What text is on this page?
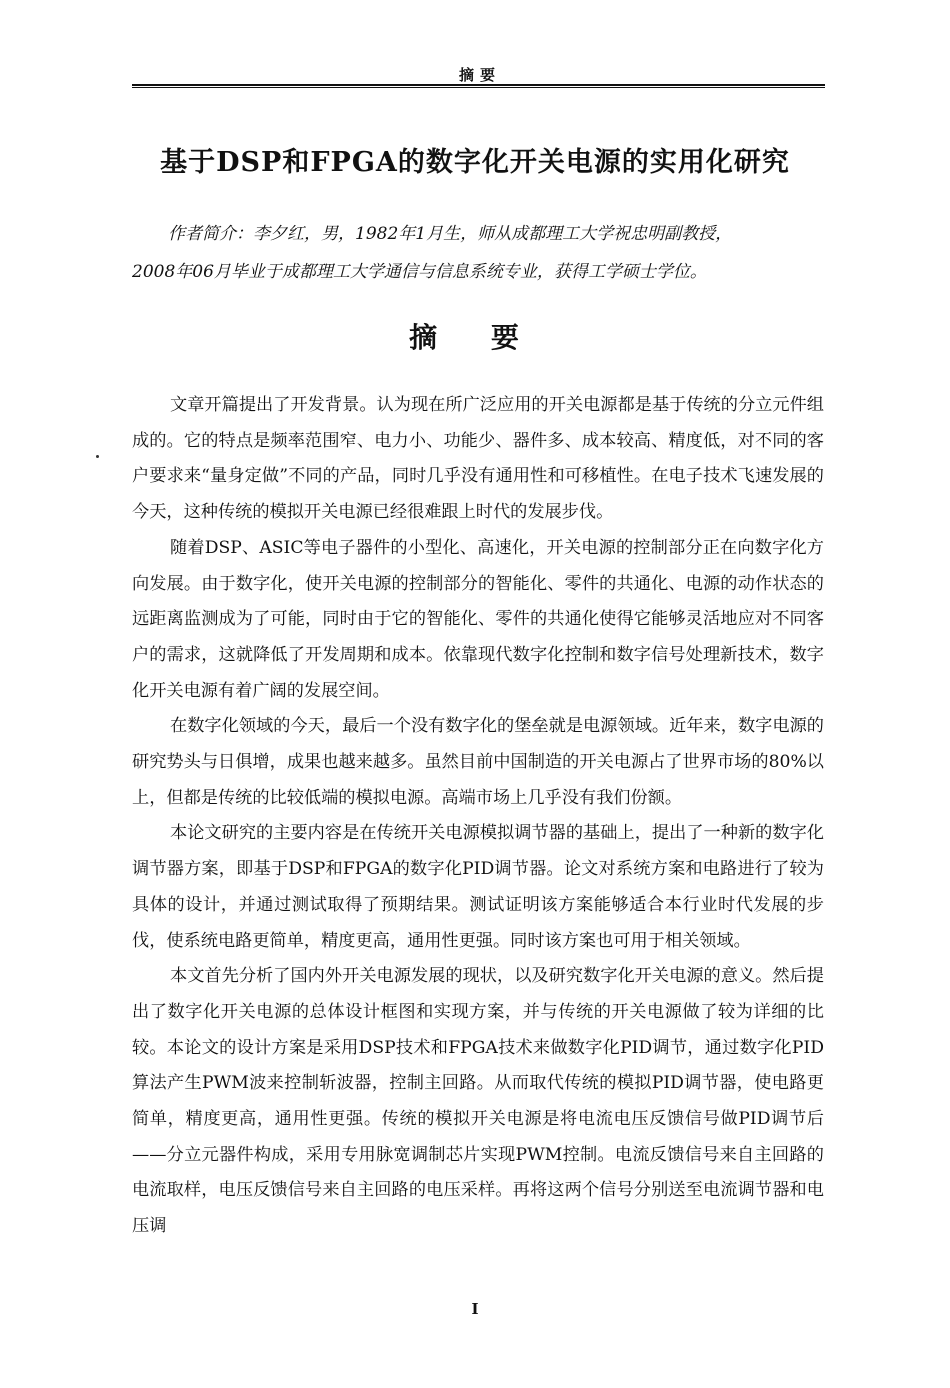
摘要
基于DSP和FPGA的数字化开关电源的实用化研究

作者简介：李夕红，男，1982年1月生，师从成都理工大学祝忠明副教授，

2008年06月毕业于成都理工大学通信与信息系统专业，获得工学硕士学位。

摘 要

文章开篇提出了开发背景。认为现在所广泛应用的开关电源都是基于传统的分立元件组成的。它的特点是频率范围窄、电力小、功能少、器件多、成本较高、精度低，对不同的客户要求来“量身定做”不同的产品，同时几乎没有通用性和可移植性。在电子技术飞速发展的今天，这种传统的模拟开关电源已经很难跟上时代的发展步伐。

随着DSP、ASIC等电子器件的小型化、高速化，开关电源的控制部分正在向数字化方向发展。由于数字化，使开关电源的控制部分的智能化、零件的共通化、电源的动作状态的远距离监测成为了可能，同时由于它的智能化、零件的共通化使得它能够灵活地应对不同客户的需求，这就降低了开发周期和成本。依靠现代数字化控制和数字信号处理新技术，数字化开关电源有着广阔的发展空间。

在数字化领域的今天，最后一个没有数字化的堡垒就是电源领域。近年来，数字电源的研究势头与日俱增，成果也越来越多。虽然目前中国制造的开关电源占了世界市场的80%以上，但都是传统的比较低端的模拟电源。高端市场上几乎没有我们份额。

本论文研究的主要内容是在传统开关电源模拟调节器的基础上，提出了一种新的数字化调节器方案，即基于DSP和FPGA的数字化PID调节器。论文对系统方案和电路进行了较为具体的设计，并通过测试取得了预期结果。测试证明该方案能够适合本行业时代发展的步伐，使系统电路更简单，精度更高，通用性更强。同时该方案也可用于相关领域。

本文首先分析了国内外开关电源发展的现状，以及研究数字化开关电源的意义。然后提出了数字化开关电源的总体设计框图和实现方案，并与传统的开关电源做了较为详细的比较。本论文的设计方案是采用DSP技术和FPGA技术来做数字化PID调节，通过数字化PID算法产生PWM波来控制斩波器，控制主回路。从而取代传统的模拟PID调节器，使电路更简单，精度更高，通用性更强。传统的模拟开关电源是将电流电压反馈信号做PID调节后——分立元器件构成，采用专用脉宽调制芯片实现PWM控制。电流反馈信号来自主回路的电流取样，电压反馈信号来自主回路的电压采样。再将这两个信号分别送至电流调节器和电压调

I
